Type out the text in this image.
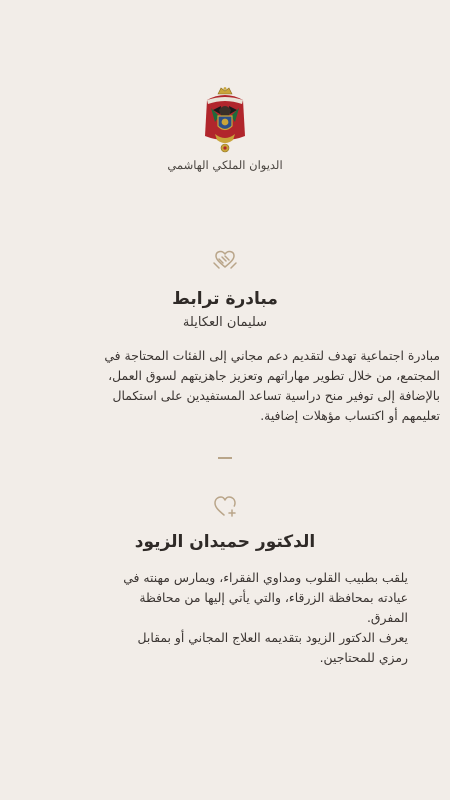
الديوان الملكي الهاشمي
مبادرة ترابط
سليمان العكايلة
مبادرة اجتماعية تهدف لتقديم دعم مجاني إلى الفئات المحتاجة في
المجتمع، من خلال تطوير مهاراتهم وتعزيز جاهزيتهم لسوق العمل،
بالإضافة إلى توفير منح دراسية تساعد المستفيدين على استكمال
تعليمهم أو اكتساب مؤهلات إضافية.
الدكتور حميدان الزيود
يلقب بطبيب القلوب ومداوي الفقراء، ويمارس مهنته في
عيادته بمحافظة الزرقاء، والتي يأتي إليها من محافظة المفرق.
يعرف الدكتور الزيود بتقديمه العلاج المجاني أو بمقابل
رمزي للمحتاجين.
